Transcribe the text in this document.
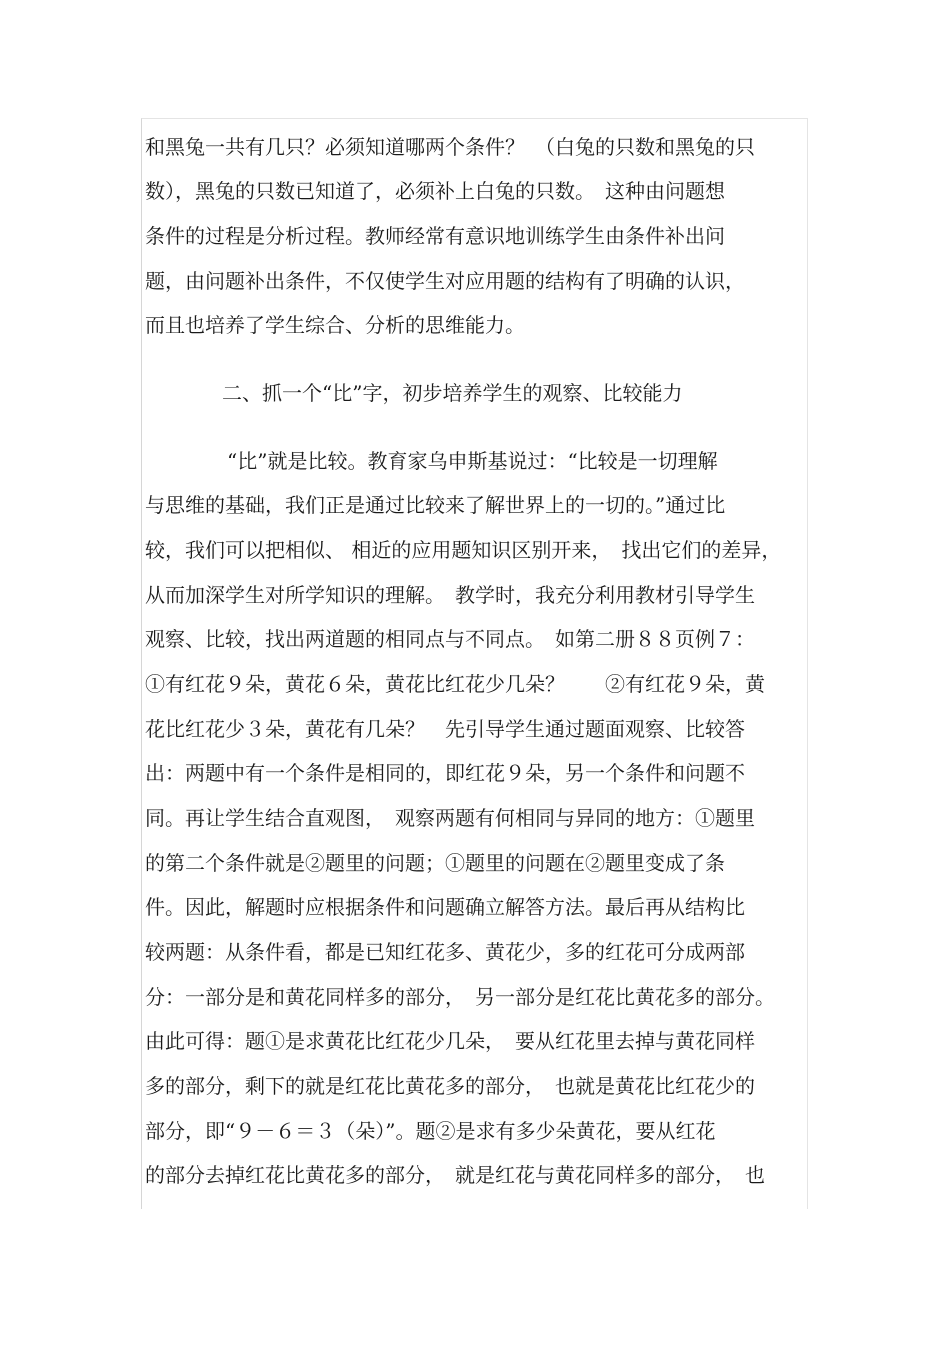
和黑兔一共有几只？必须知道哪两个条件？　（白兔的只数和黑兔的只
数），黑兔的只数已知道了，必须补上白兔的只数。　这种由问题想
条件的过程是分析过程。教师经常有意识地训练学生由条件补出问
题，由问题补出条件，不仅使学生对应用题的结构有了明确的认识，
而且也培养了学生综合、分析的思维能力。
二、抓一个“比”字，初步培养学生的观察、比较能力
“比”就是比较。教育家乌申斯基说过：“比较是一切理解
与思维的基础，我们正是通过比较来了解世界上的一切的。”通过比
较，我们可以把相似、 相近的应用题知识区别开来，　找出它们的差异，
从而加深学生对所学知识的理解。　教学时，我充分利用教材引导学生
观察、比较，找出两道题的相同点与不同点。　如第二册８８页例７：
①有红花９朵，黄花６朵，黄花比红花少几朵？　　②有红花９朵，黄
花比红花少３朵，黄花有几朵？　先引导学生通过题面观察、比较答
出：两题中有一个条件是相同的，即红花９朵，另一个条件和问题不
同。再让学生结合直观图，　观察两题有何相同与异同的地方：①题里
的第二个条件就是②题里的问题；①题里的问题在②题里变成了条
件。因此，解题时应根据条件和问题确立解答方法。最后再从结构比
较两题：从条件看，都是已知红花多、黄花少，多的红花可分成两部
分：一部分是和黄花同样多的部分，　另一部分是红花比黄花多的部分。
由此可得：题①是求黄花比红花少几朵，　要从红花里去掉与黄花同样
多的部分，剩下的就是红花比黄花多的部分，　也就是黄花比红花少的
部分，即“９－６＝３（朵）”。题②是求有多少朵黄花，要从红花
的部分去掉红花比黄花多的部分，　就是红花与黄花同样多的部分，　也
